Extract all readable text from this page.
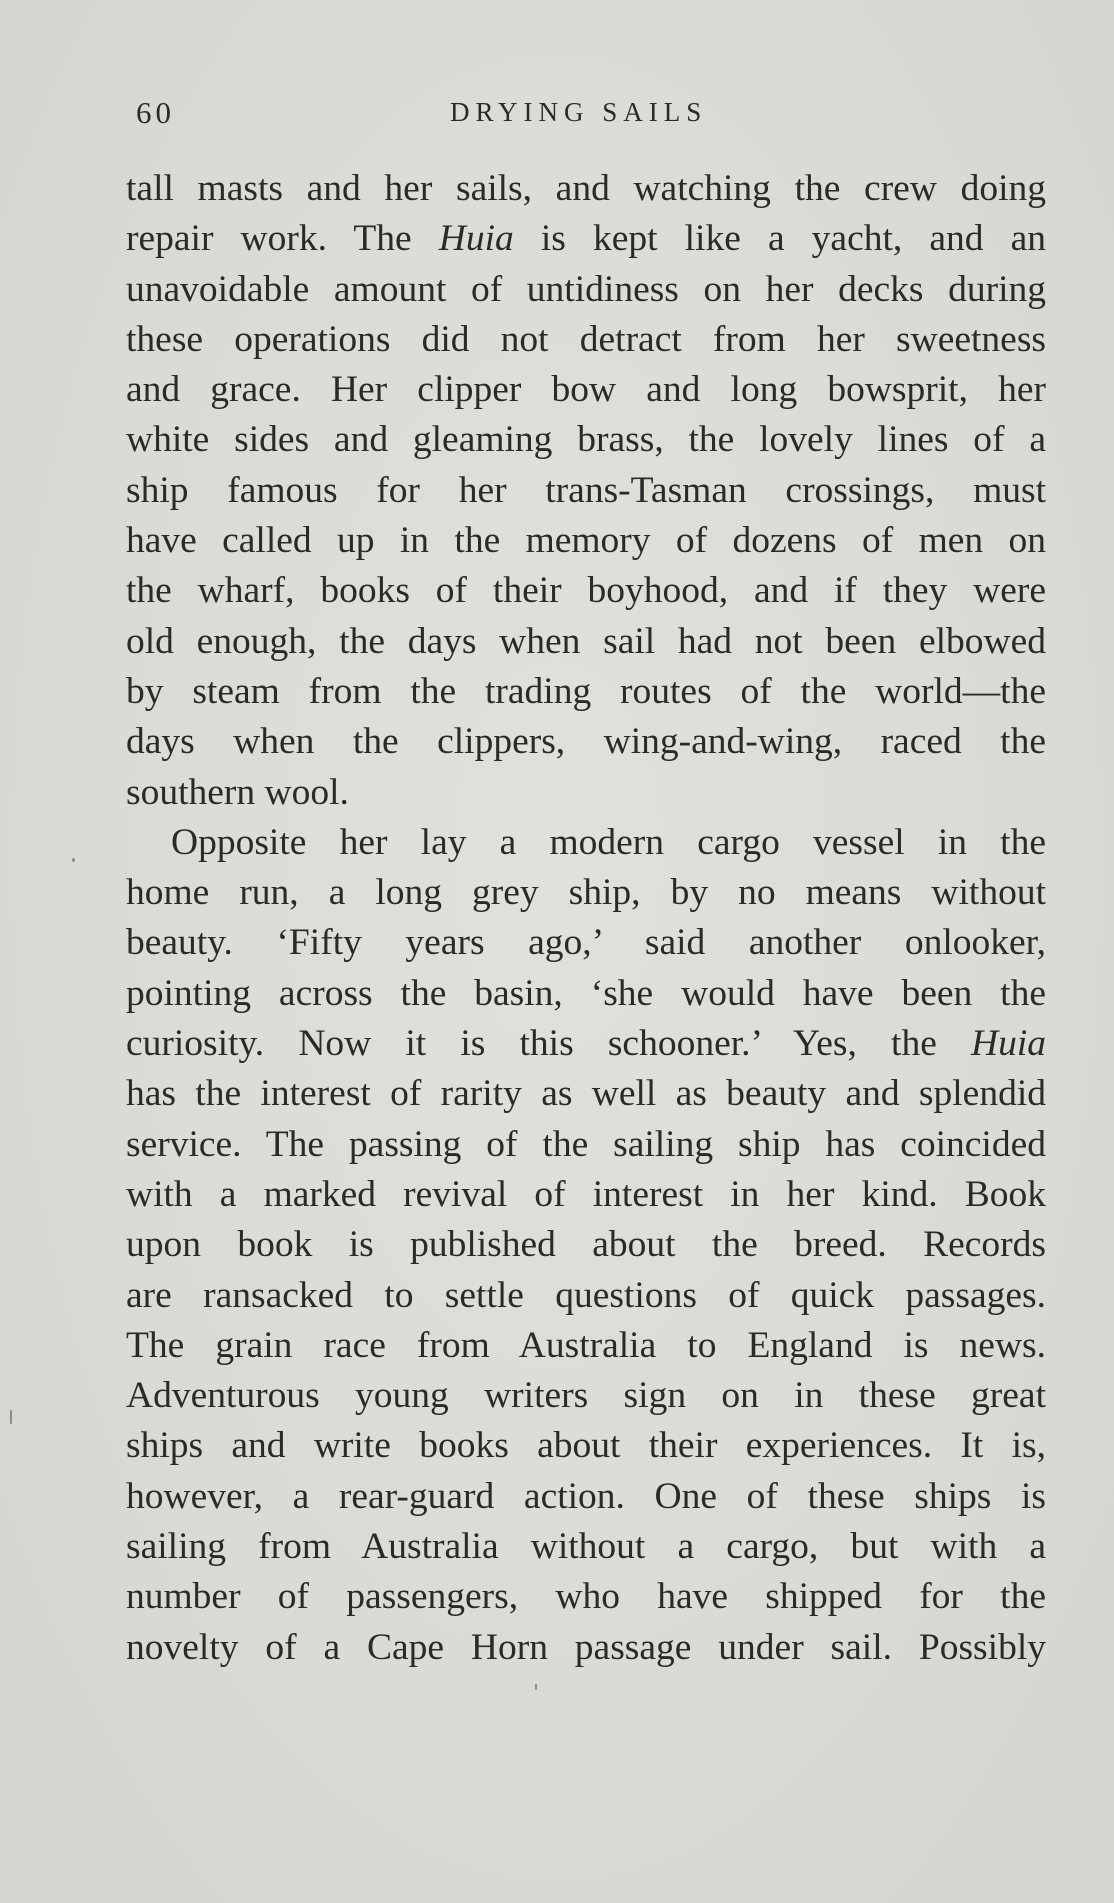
60	DRYING SAILS
tall masts and her sails, and watching the crew doing
repair work. The Huia is kept like a yacht, and an
unavoidable amount of untidiness on her decks during
these operations did not detract from her sweetness
and grace. Her clipper bow and long bowsprit, her
white sides and gleaming brass, the lovely lines of a
ship famous for her trans-Tasman crossings, must
have called up in the memory of dozens of men on
the wharf, books of their boyhood, and if they were
old enough, the days when sail had not been elbowed
by steam from the trading routes of the world—the
days when the clippers, wing-and-wing, raced the
southern wool.
Opposite her lay a modern cargo vessel in the
home run, a long grey ship, by no means without
beauty. ‘Fifty years ago,’ said another onlooker,
pointing across the basin, ‘she would have been the
curiosity. Now it is this schooner.’ Yes, the Huia
has the interest of rarity as well as beauty and splendid
service. The passing of the sailing ship has coincided
with a marked revival of interest in her kind. Book
upon book is published about the breed. Records
are ransacked to settle questions of quick passages.
The grain race from Australia to England is news.
Adventurous young writers sign on in these great
ships and write books about their experiences. It is,
however, a rear-guard action. One of these ships is
sailing from Australia without a cargo, but with a
number of passengers, who have shipped for the
novelty of a Cape Horn passage under sail. Possibly
